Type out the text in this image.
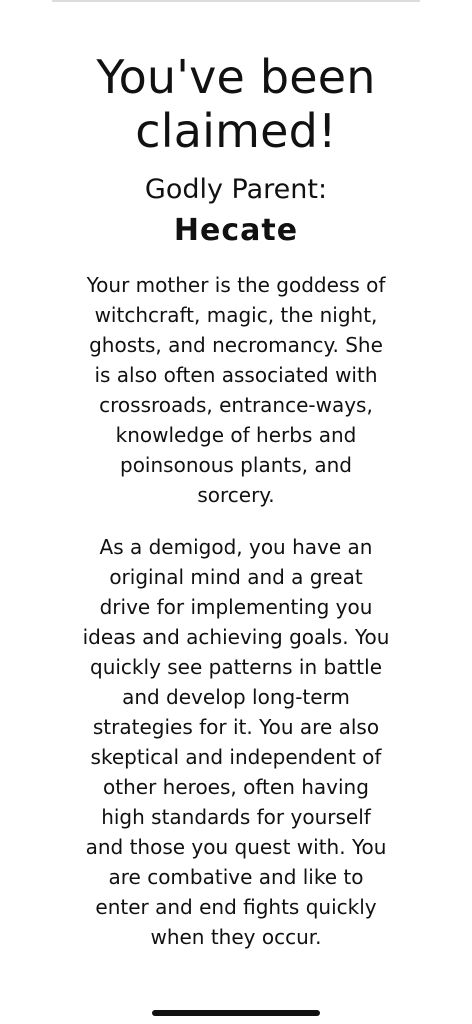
You've been claimed!
Godly Parent:
Hecate

Your mother is the goddess of witchcraft, magic, the night, ghosts, and necromancy. She is also often associated with crossroads, entrance-ways, knowledge of herbs and poinsonous plants, and sorcery.

As a demigod, you have an original mind and a great drive for implementing you ideas and achieving goals. You quickly see patterns in battle and develop long-term strategies for it. You are also skeptical and independent of other heroes, often having high standards for yourself and those you quest with. You are combative and like to enter and end fights quickly when they occur.
